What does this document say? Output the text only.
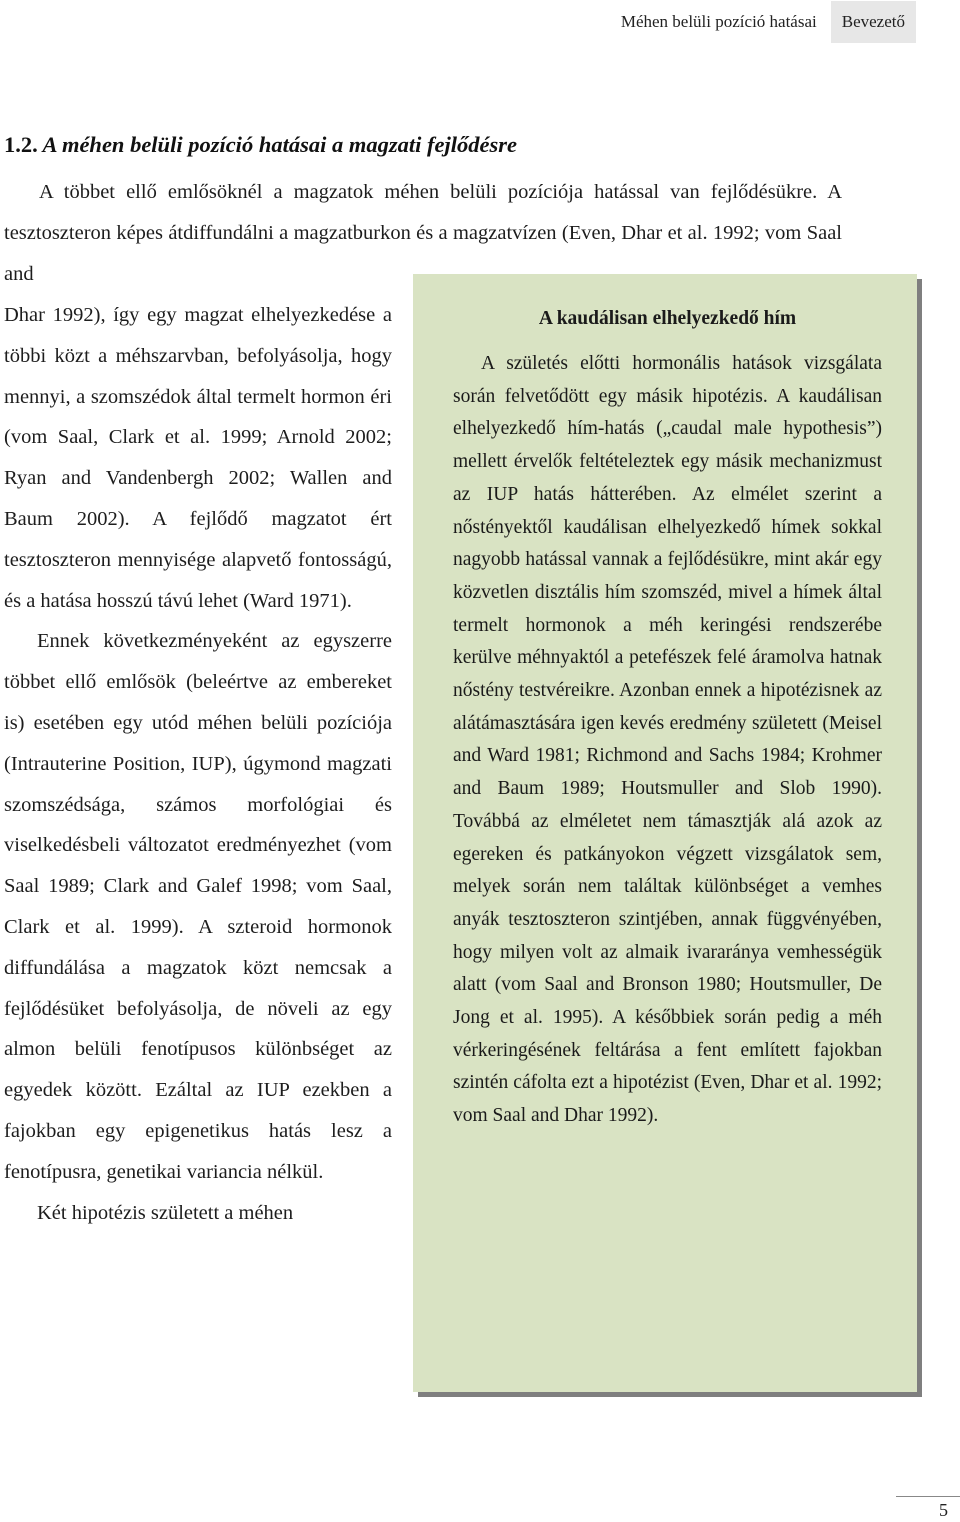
Méhen belüli pozíció hatásai	Bevezető
1.2. A méhen belüli pozíció hatásai a magzati fejlődésre

A többet ellő emlősöknél a magzatok méhen belüli pozíciója hatással van fejlődésükre. A tesztoszteron képes átdiffundálni a magzatburkon és a magzatvízen (Even, Dhar et al. 1992; vom Saal and

Dhar 1992), így egy magzat elhelyezkedése a többi közt a méhszarvban, befolyásolja, hogy mennyi, a szomszédok által termelt hormon éri (vom Saal, Clark et al. 1999; Arnold 2002; Ryan and Vandenbergh 2002; Wallen and Baum 2002). A fejlődő magzatot ért tesztoszteron mennyisége alapvető fontosságú, és a hatása hosszú távú lehet (Ward 1971).

Ennek következményeként az egyszerre többet ellő emlősök (beleértve az embereket is) esetében egy utód méhen belüli pozíciója (Intrauterine Position, IUP), úgymond magzati szomszédsága, számos morfológiai és viselkedésbeli változatot eredményezhet (vom Saal 1989; Clark and Galef 1998; vom Saal, Clark et al. 1999). A szteroid hormonok diffundálása a magzatok közt nemcsak a fejlődésüket befolyásolja, de növeli az egy almon belüli fenotípusos különbséget az egyedek között. Ezáltal az IUP ezekben a fajokban egy epigenetikus hatás lesz a fenotípusra, genetikai variancia nélkül.

Két hipotézis született a méhen

A kaudálisan elhelyezkedő hím

A születés előtti hormonális hatások vizsgálata során felvetődött egy másik hipotézis. A kaudálisan elhelyezkedő hím-hatás („caudal male hypothesis”) mellett érvelők feltételeztek egy másik mechanizmust az IUP hatás hátterében. Az elmélet szerint a nőstényektől kaudálisan elhelyezkedő hímek sokkal nagyobb hatással vannak a fejlődésükre, mint akár egy közvetlen disztális hím szomszéd, mivel a hímek által termelt hormonok a méh keringési rendszerébe kerülve méhnyaktól a petefészek felé áramolva hatnak nőstény testvéreikre. Azonban ennek a hipotézisnek az alátámasztására igen kevés eredmény született (Meisel and Ward 1981; Richmond and Sachs 1984; Krohmer and Baum 1989; Houtsmuller and Slob 1990). Továbbá az elméletet nem támasztják alá azok az egereken és patkányokon végzett vizsgálatok sem, melyek során nem találtak különbséget a vemhes anyák tesztoszteron szintjében, annak függvényében, hogy milyen volt az almaik ivararánya vemhességük alatt (vom Saal and Bronson 1980; Houtsmuller, De Jong et al. 1995). A későbbiek során pedig a méh vérkeringésének feltárása a fent említett fajokban szintén cáfolta ezt a hipotézist (Even, Dhar et al. 1992; vom Saal and Dhar 1992).

5
